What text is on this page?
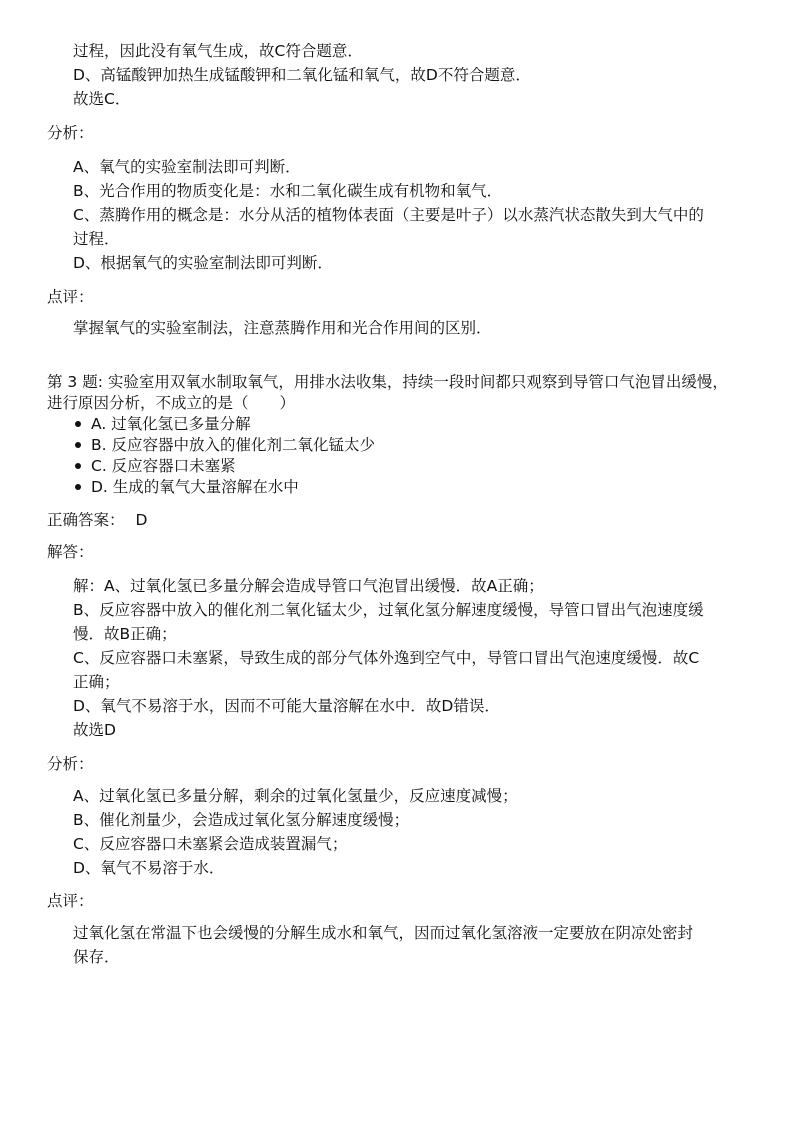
过程，因此没有氧气生成，故C符合题意．
D、高锰酸钾加热生成锰酸钾和二氧化锰和氧气，故D不符合题意．
故选C．
分析：
A、氧气的实验室制法即可判断．
B、光合作用的物质变化是：水和二氧化碳生成有机物和氧气．
C、蒸腾作用的概念是：水分从活的植物体表面（主要是叶子）以水蒸汽状态散失到大气中的
过程．
D、根据氧气的实验室制法即可判断．
点评：
掌握氧气的实验室制法，注意蒸腾作用和光合作用间的区别．
第 3 题: 实验室用双氧水制取氧气，用排水法收集，持续一段时间都只观察到导管口气泡冒出缓慢，
进行原因分析，不成立的是（　　）
A. 过氧化氢已多量分解
B. 反应容器中放入的催化剂二氧化锰太少
C. 反应容器口未塞紧
D. 生成的氧气大量溶解在水中
正确答案： D
解答：
解：A、过氧化氢已多量分解会造成导管口气泡冒出缓慢．故A正确；
B、反应容器中放入的催化剂二氧化锰太少，过氧化氢分解速度缓慢，导管口冒出气泡速度缓
慢．故B正确；
C、反应容器口未塞紧，导致生成的部分气体外逸到空气中，导管口冒出气泡速度缓慢．故C
正确；
D、氧气不易溶于水，因而不可能大量溶解在水中．故D错误．
故选D
分析：
A、过氧化氢已多量分解，剩余的过氧化氢量少，反应速度减慢；
B、催化剂量少，会造成过氧化氢分解速度缓慢；
C、反应容器口未塞紧会造成装置漏气；
D、氧气不易溶于水．
点评：
过氧化氢在常温下也会缓慢的分解生成水和氧气，因而过氧化氢溶液一定要放在阴凉处密封
保存．
